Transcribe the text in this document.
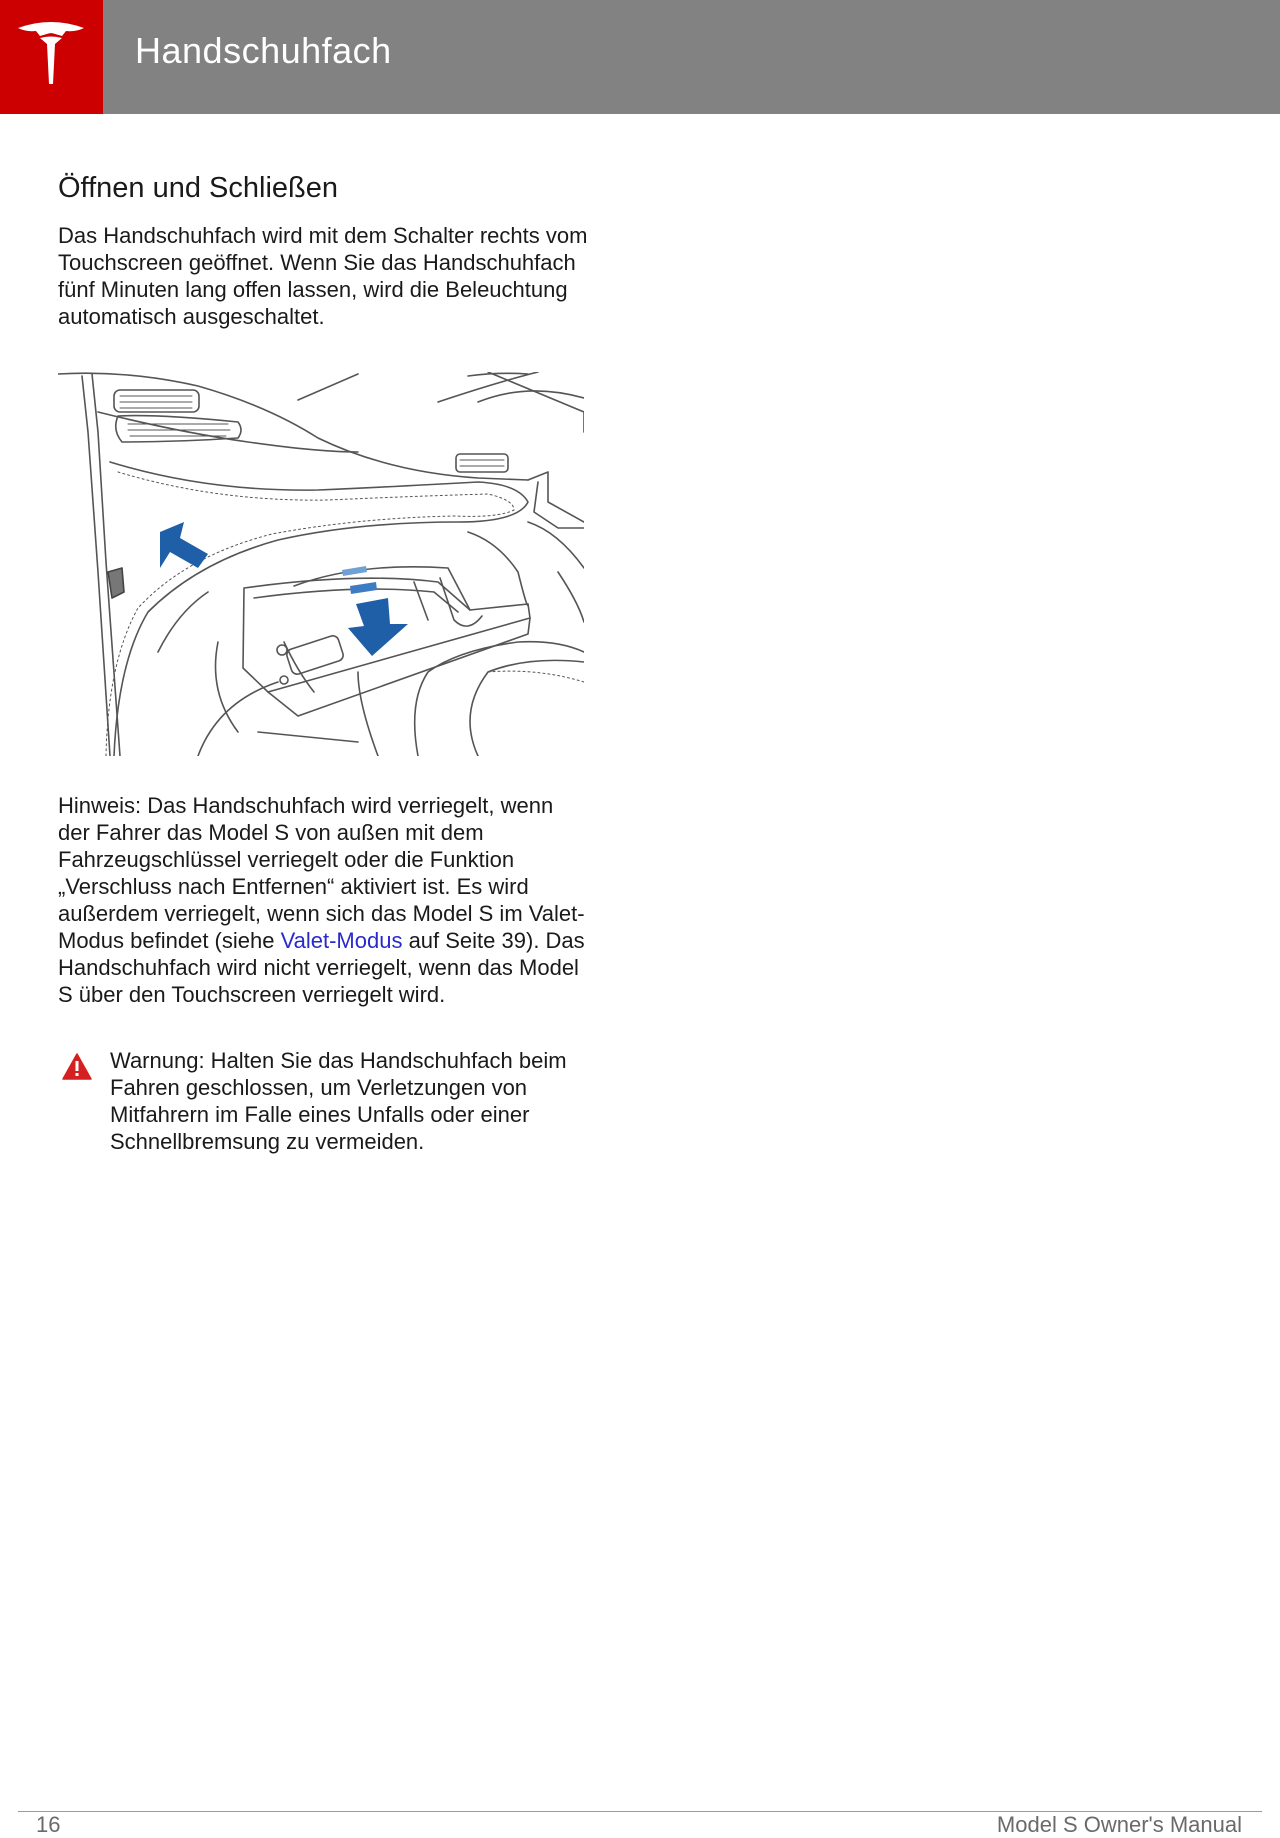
Handschuhfach
Öffnen und Schließen
Das Handschuhfach wird mit dem Schalter rechts vom Touchscreen geöffnet. Wenn Sie das Handschuhfach fünf Minuten lang offen lassen, wird die Beleuchtung automatisch ausgeschaltet.
Hinweis: Das Handschuhfach wird verriegelt, wenn der Fahrer das Model S von außen mit dem Fahrzeugschlüssel verriegelt oder die Funktion „Verschluss nach Entfernen“ aktiviert ist. Es wird außerdem verriegelt, wenn sich das Model S im Valet-Modus befindet (siehe Valet-Modus auf Seite 39). Das Handschuhfach wird nicht verriegelt, wenn das Model S über den Touchscreen verriegelt wird.
Warnung: Halten Sie das Handschuhfach beim Fahren geschlossen, um Verletzungen von Mitfahrern im Falle eines Unfalls oder einer Schnellbremsung zu vermeiden.
16	Model S Owner's Manual
